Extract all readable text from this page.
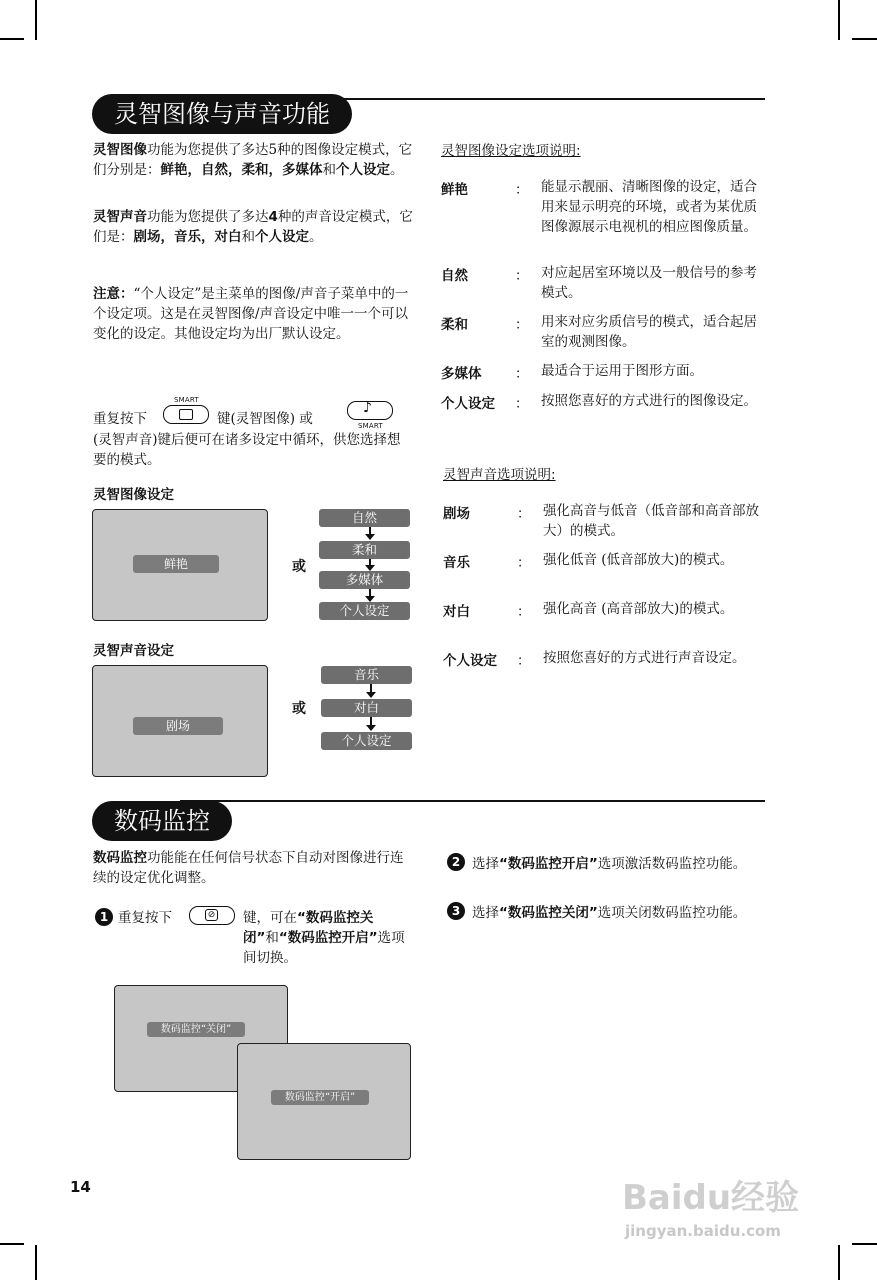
灵智图像与声音功能
灵智图像功能为您提供了多达5种的图像设定模式，它们分别是：鲜艳，自然，柔和，多媒体和个人设定。
灵智声音功能为您提供了多达4种的声音设定模式，它们是：剧场，音乐，对白和个人设定。
注意：“个人设定”是主菜单的图像/声音子菜单中的一个设定项。这是在灵智图像/声音设定中唯一一个可以变化的设定。其他设定均为出厂默认设定。
重复按下
SMART
键(灵智图像) 或
♪
SMART
(灵智声音)键后便可在诸多设定中循环，供您选择想要的模式。
灵智图像设定
鲜艳	或
自然
柔和
多媒体
个人设定
灵智声音设定
剧场
或
音乐
对白
个人设定
灵智图像设定选项说明:
鲜艳	： 能显示靓丽、清晰图像的设定，适合用来显示明亮的环境，或者为某优质图像源展示电视机的相应图像质量。
自然	： 对应起居室环境以及一般信号的参考模式。
柔和	： 用来对应劣质信号的模式，适合起居室的观测图像。
多媒体 ： 最适合于运用于图形方面。
个人设定 ： 按照您喜好的方式进行的图像设定。
灵智声音选项说明:
剧场	： 强化高音与低音（低音部和高音部放大）的模式。
音乐	： 强化低音 (低音部放大)的模式。
对白	： 强化高音 (高音部放大)的模式。
个人设定 ： 按照您喜好的方式进行声音设定。
数码监控
数码监控功能能在任何信号状态下自动对图像进行连续的设定优化调整。
1 重复按下	⊘ 键，可在“数码监控关闭”和“数码监控开启”选项间切换。
2 选择“数码监控开启”选项激活数码监控功能。
3 选择“数码监控关闭”选项关闭数码监控功能。
数码监控“关闭”
数码监控“开启”
14	Baidu经验
jingyan.baidu.com
